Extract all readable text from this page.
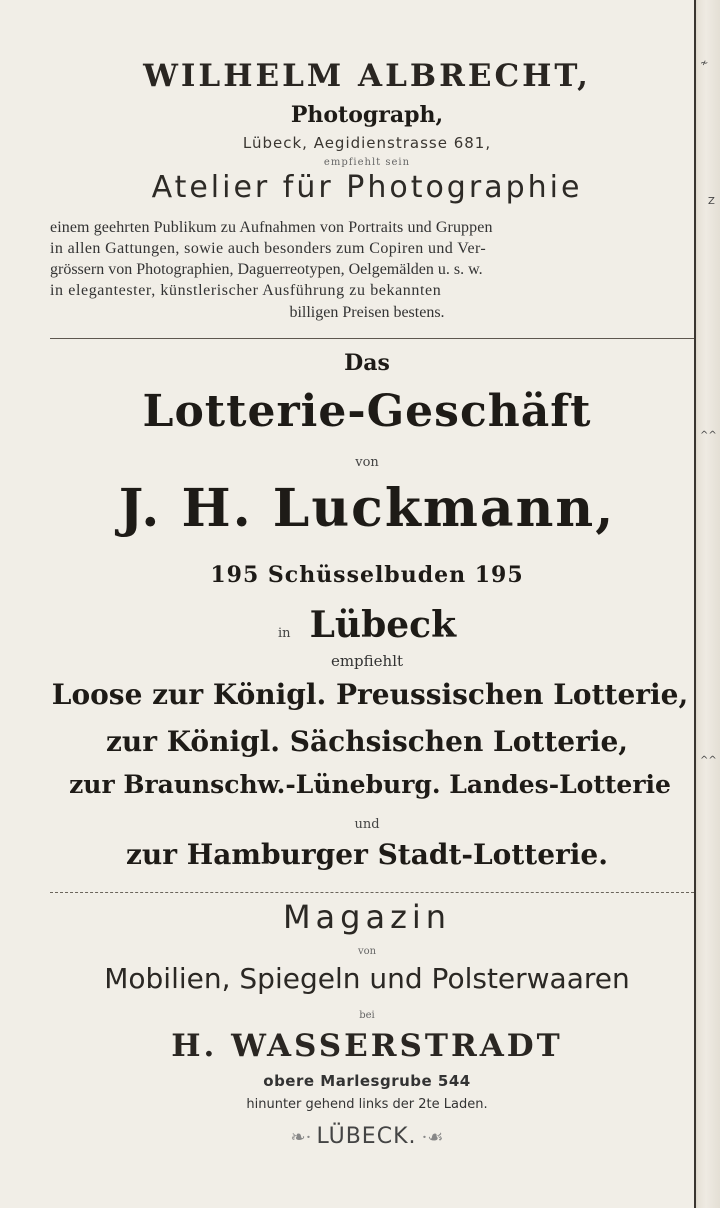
WILHELM ALBRECHT,
Photograph,
Lübeck, Aegidienstrasse 681,
empfiehlt sein
Atelier für Photographie
einem geehrten Publikum zu Aufnahmen von Portraits und Gruppen
in allen Gattungen, sowie auch besonders zum Copiren und Ver-
grössern von Photographien, Daguerreotypen, Oelgemälden u. s. w.
in elegantester, künstlerischer Ausführung zu bekannten
billigen Preisen bestens.
Das
Lotterie-Geschäft
von
J. H. Luckmann,
195 Schüsselbuden 195
in Lübeck
empfiehlt
Loose zur Königl. Preussischen Lotterie,
zur Königl. Sächsischen Lotterie,
zur Braunschw.-Lüneburg. Landes-Lotterie
und
zur Hamburger Stadt-Lotterie.
Magazin
von
Mobilien, Spiegeln und Polsterwaaren
bei
H. WASSERSTRADT
obere Marlesgrube 544
hinunter gehend links der 2te Laden.
❧· LÜBECK. ·☙
Z
≁
^^
^^
